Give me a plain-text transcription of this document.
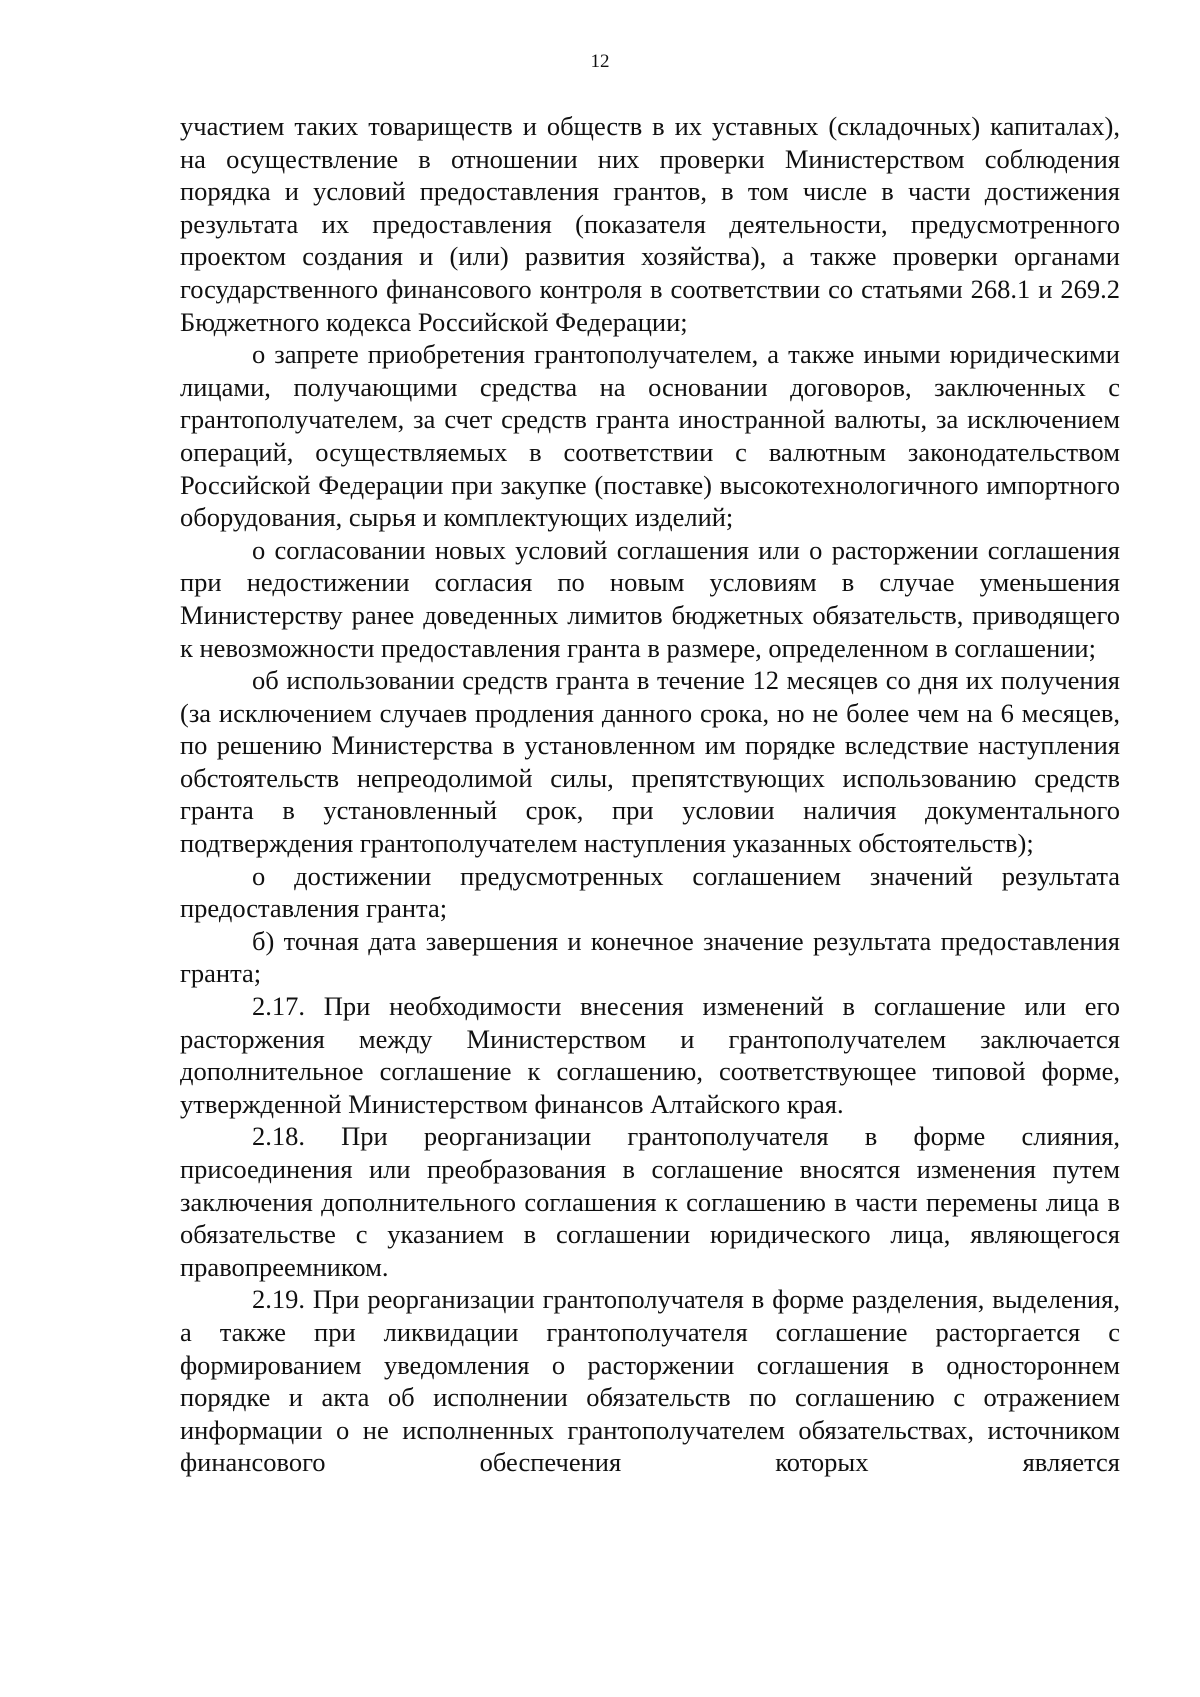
12

участием таких товариществ и обществ в их уставных (складочных) капиталах), на осуществление в отношении них проверки Министерством соблюдения порядка и условий предоставления грантов, в том числе в части достижения результата их предоставления (показателя деятельности, предусмотренного проектом создания и (или) развития хозяйства), а также проверки органами государственного финансового контроля в соответствии со статьями 268.1 и 269.2 Бюджетного кодекса Российской Федерации;

о запрете приобретения грантополучателем, а также иными юридическими лицами, получающими средства на основании договоров, заключенных с грантополучателем, за счет средств гранта иностранной валюты, за исключением операций, осуществляемых в соответствии с валютным законодательством Российской Федерации при закупке (поставке) высокотехнологичного импортного оборудования, сырья и комплектующих изделий;

о согласовании новых условий соглашения или о расторжении соглашения при недостижении согласия по новым условиям в случае уменьшения Министерству ранее доведенных лимитов бюджетных обязательств, приводящего к невозможности предоставления гранта в размере, определенном в соглашении;

об использовании средств гранта в течение 12 месяцев со дня их получения (за исключением случаев продления данного срока, но не более чем на 6 месяцев, по решению Министерства в установленном им порядке вследствие наступления обстоятельств непреодолимой силы, препятствующих использованию средств гранта в установленный срок, при условии наличия документального подтверждения грантополучателем наступления указанных обстоятельств);

о достижении предусмотренных соглашением значений результата предоставления гранта;

б) точная дата завершения и конечное значение результата предоставления гранта;

2.17. При необходимости внесения изменений в соглашение или его расторжения между Министерством и грантополучателем заключается дополнительное соглашение к соглашению, соответствующее типовой форме, утвержденной Министерством финансов Алтайского края.

2.18. При реорганизации грантополучателя в форме слияния, присоединения или преобразования в соглашение вносятся изменения путем заключения дополнительного соглашения к соглашению в части перемены лица в обязательстве с указанием в соглашении юридического лица, являющегося правопреемником.

2.19. При реорганизации грантополучателя в форме разделения, выделения, а также при ликвидации грантополучателя соглашение расторгается с формированием уведомления о расторжении соглашения в одностороннем порядке и акта об исполнении обязательств по соглашению с отражением информации о не исполненных грантополучателем обязательствах, источником финансового обеспечения которых является
